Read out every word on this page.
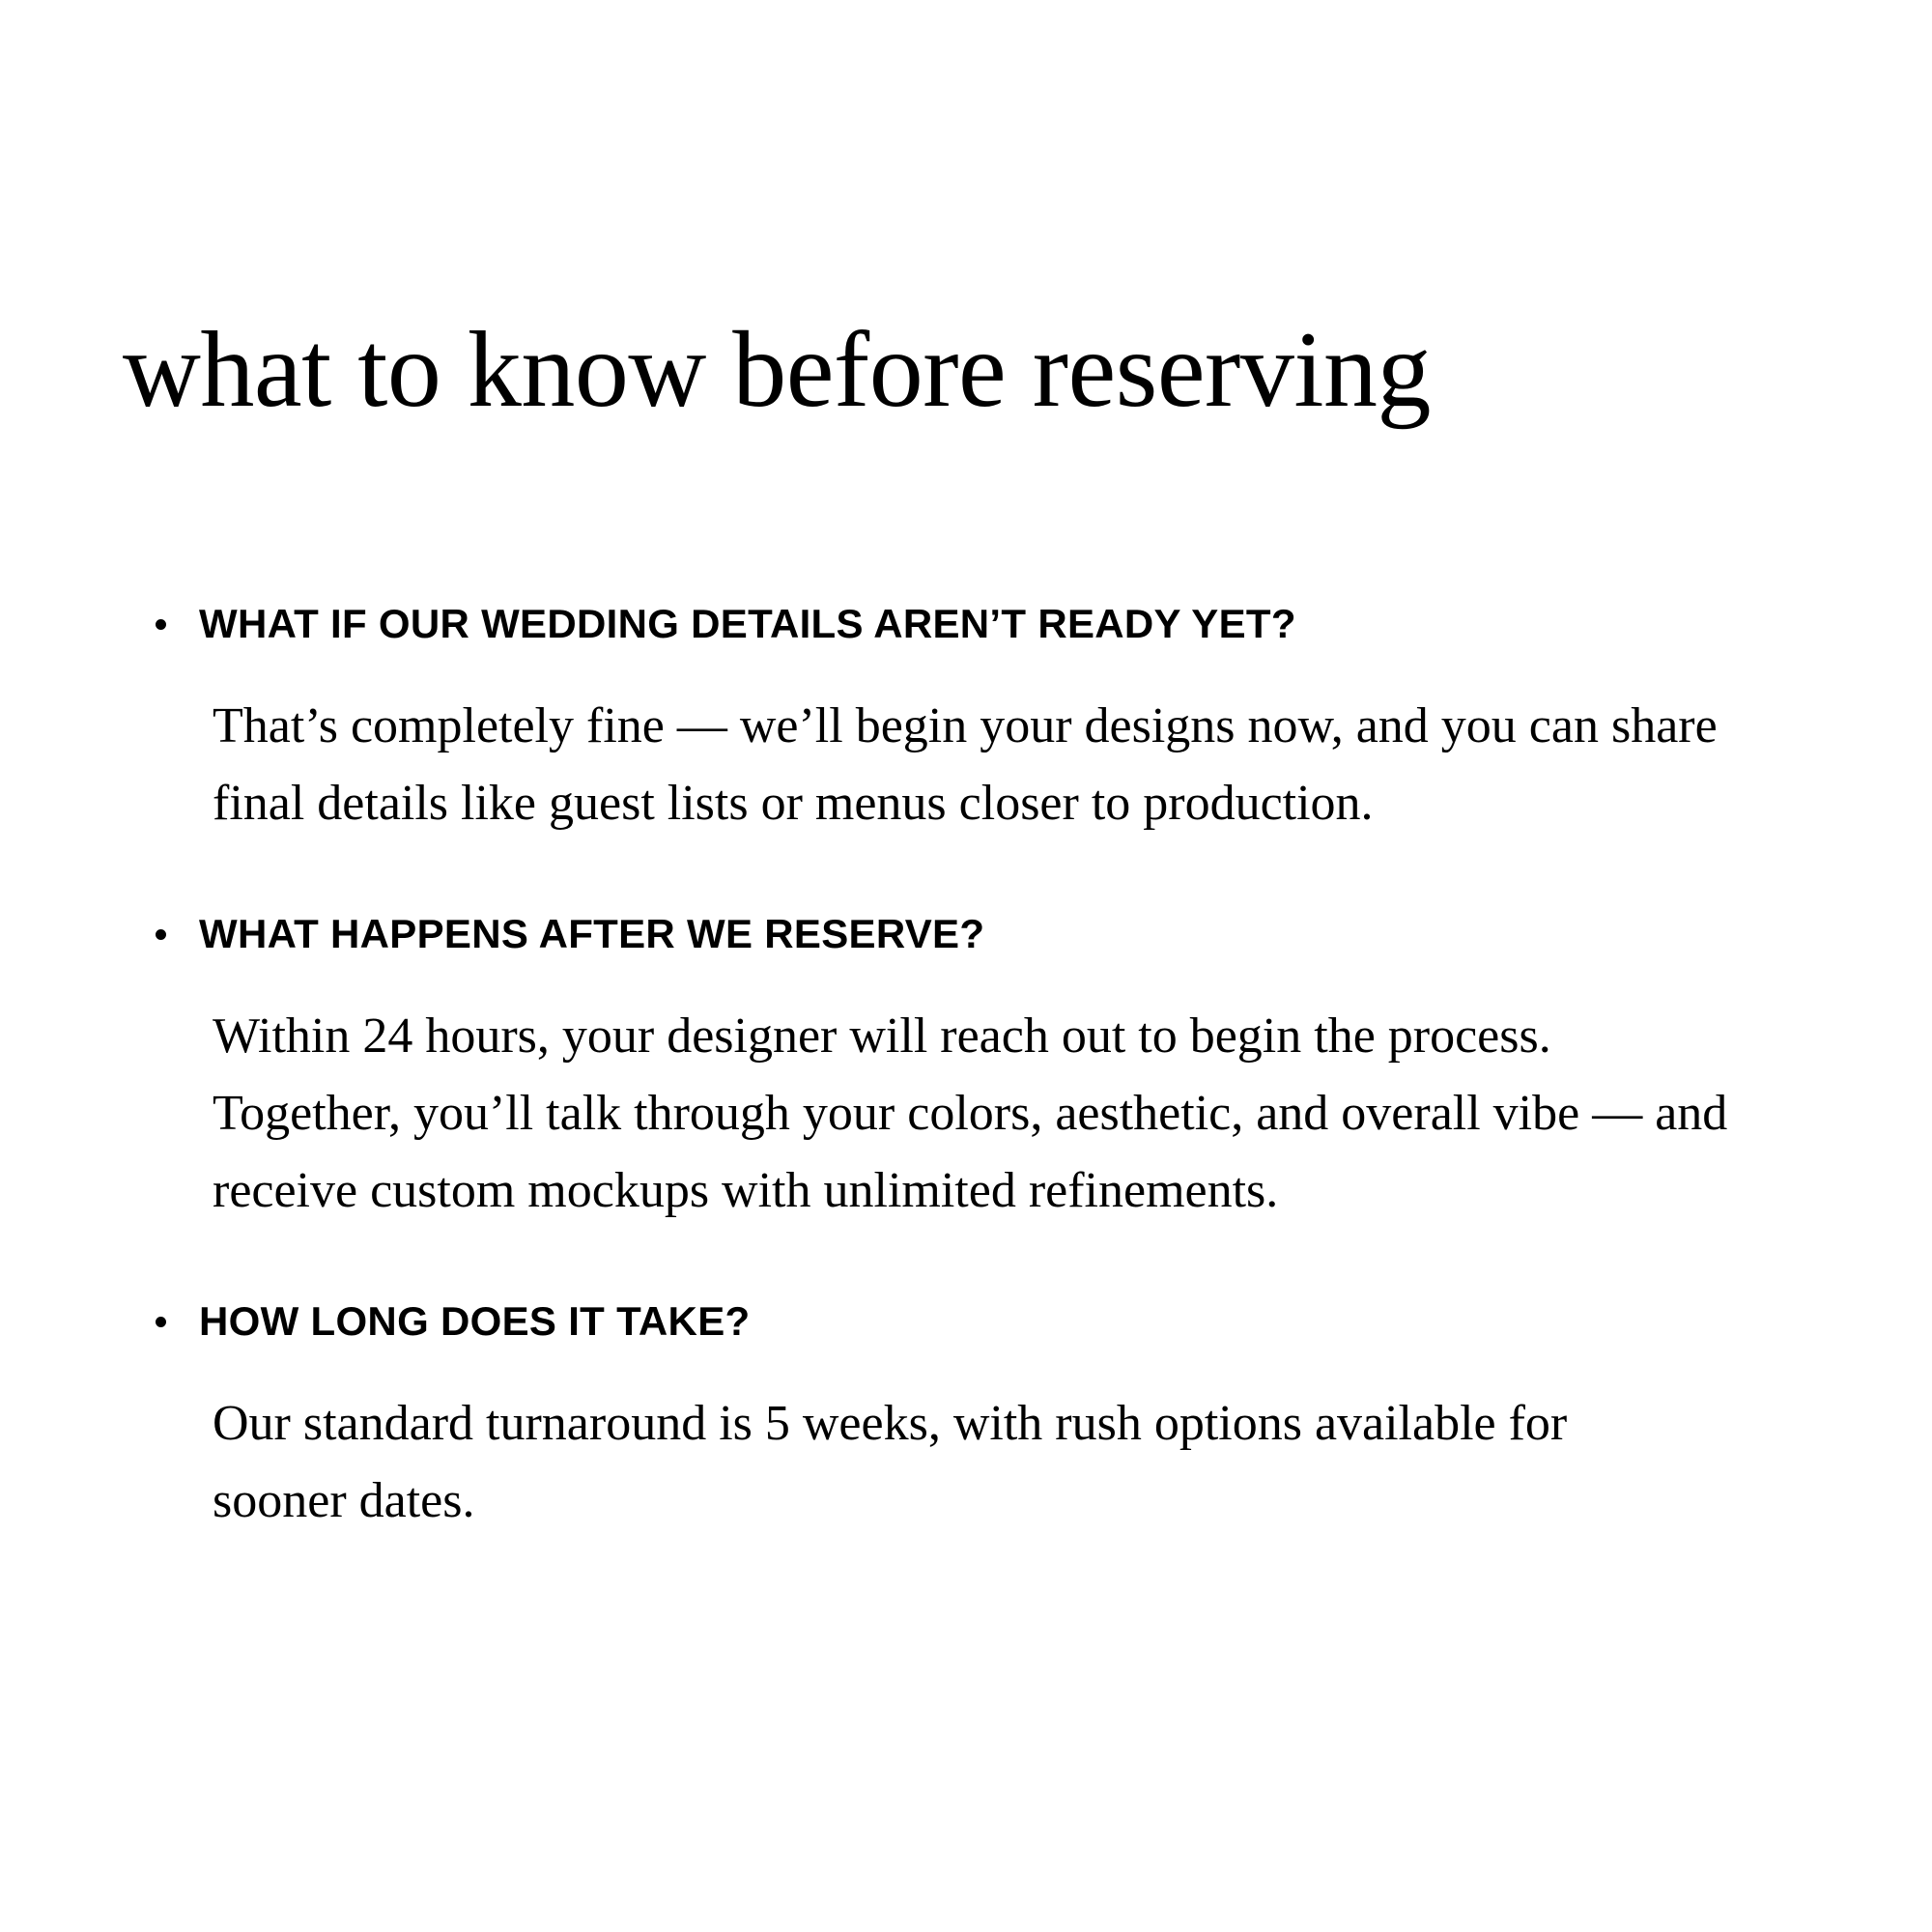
what to know before reserving
WHAT IF OUR WEDDING DETAILS AREN’T READY YET?

That’s completely fine — we’ll begin your designs now, and you can share
final details like guest lists or menus closer to production.

WHAT HAPPENS AFTER WE RESERVE?

Within 24 hours, your designer will reach out to begin the process.
Together, you’ll talk through your colors, aesthetic, and overall vibe — and
receive custom mockups with unlimited refinements.

HOW LONG DOES IT TAKE?

Our standard turnaround is 5 weeks, with rush options available for
sooner dates.
